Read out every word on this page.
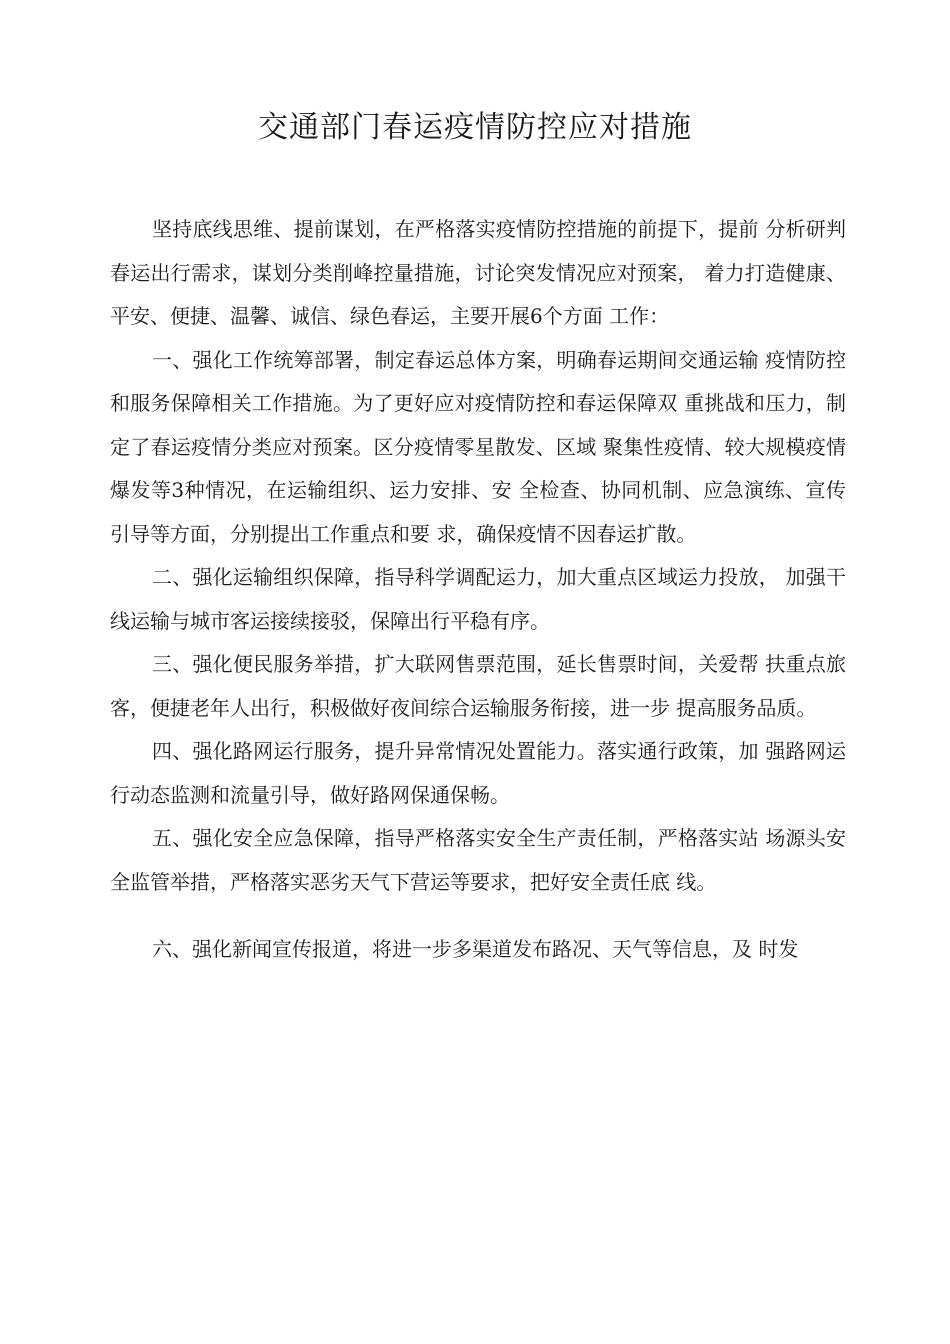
交通部门春运疫情防控应对措施

坚持底线思维、提前谋划，在严格落实疫情防控措施的前提下，提前 分析研判春运出行需求，谋划分类削峰控量措施，讨论突发情况应对预案， 着力打造健康、平安、便捷、温馨、诚信、绿色春运，主要开展6个方面 工作：

一、强化工作统筹部署，制定春运总体方案，明确春运期间交通运输 疫情防控和服务保障相关工作措施。为了更好应对疫情防控和春运保障双 重挑战和压力，制定了春运疫情分类应对预案。区分疫情零星散发、区域 聚集性疫情、较大规模疫情爆发等3种情况，在运输组织、运力安排、安 全检查、协同机制、应急演练、宣传引导等方面，分别提出工作重点和要 求，确保疫情不因春运扩散。

二、强化运输组织保障，指导科学调配运力，加大重点区域运力投放， 加强干线运输与城市客运接续接驳，保障出行平稳有序。

三、强化便民服务举措，扩大联网售票范围，延长售票时间，关爱帮 扶重点旅客，便捷老年人出行，积极做好夜间综合运输服务衔接，进一步 提高服务品质。

四、强化路网运行服务，提升异常情况处置能力。落实通行政策，加 强路网运行动态监测和流量引导，做好路网保通保畅。

五、强化安全应急保障，指导严格落实安全生产责任制，严格落实站 场源头安全监管举措，严格落实恶劣天气下营运等要求，把好安全责任底 线。

六、强化新闻宣传报道，将进一步多渠道发布路况、天气等信息，及 时发
